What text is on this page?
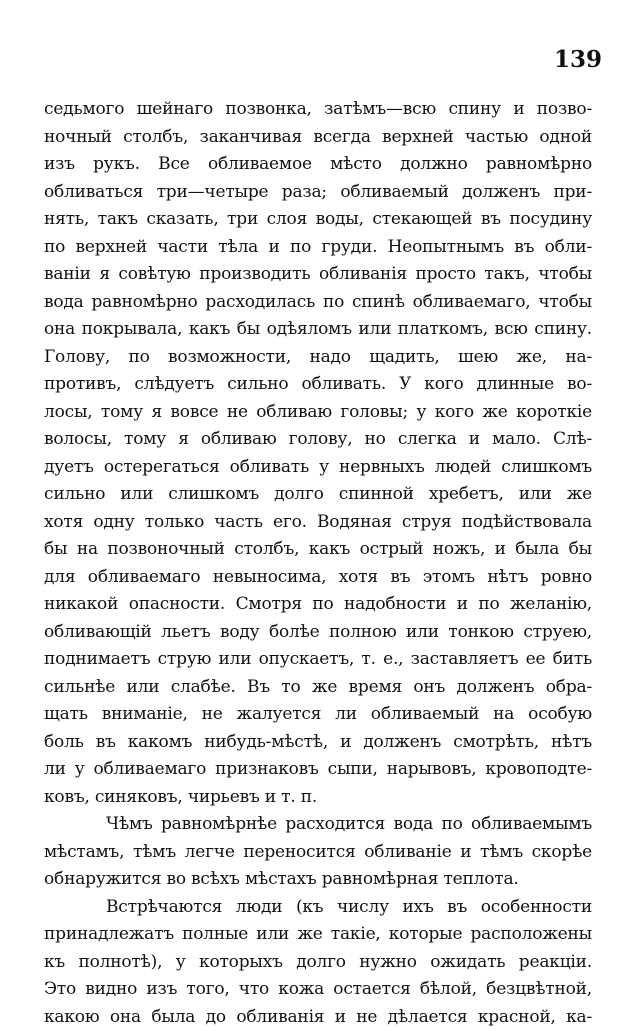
139
седьмого шейнаго позвонка, затѣмъ—всю спину и позво-
ночный столбъ, заканчивая всегда верхней частью одной
изъ рукъ. Все обливаемое мѣсто должно равномѣрно
обливаться три—четыре раза; обливаемый долженъ при-
нять, такъ сказать, три слоя воды, стекающей въ посудину
по верхней части тѣла и по груди. Неопытнымъ въ обли-
ваніи я совѣтую производить обливанія просто такъ, чтобы
вода равномѣрно расходилась по спинѣ обливаемаго, чтобы
она покрывала, какъ бы одѣяломъ или платкомъ, всю спину.
Голову, по возможности, надо щадить, шею же, на-
противъ, слѣдуетъ сильно обливать. У кого длинные во-
лосы, тому я вовсе не обливаю головы; у кого же короткіе
волосы, тому я обливаю голову, но слегка и мало. Слѣ-
дуетъ остерегаться обливать у нервныхъ людей слишкомъ
сильно или слишкомъ долго спинной хребетъ, или же
хотя одну только часть его. Водяная струя подѣйствовала
бы на позвоночный столбъ, какъ острый ножъ, и была бы
для обливаемаго невыносима, хотя въ этомъ нѣтъ ровно
никакой опасности. Смотря по надобности и по желанію,
обливающій льетъ воду болѣе полною или тонкою струею,
поднимаетъ струю или опускаетъ, т. е., заставляетъ ее бить
сильнѣе или слабѣе. Въ то же время онъ долженъ обра-
щать вниманіе, не жалуется ли обливаемый на особую
боль въ какомъ нибудь-мѣстѣ, и долженъ смотрѣть, нѣтъ
ли у обливаемаго признаковъ сыпи, нарывовъ, кровоподте-
ковъ, синяковъ, чирьевъ и т. п.
Чѣмъ равномѣрнѣе расходится вода по обливаемымъ
мѣстамъ, тѣмъ легче переносится обливаніе и тѣмъ скорѣе
обнаружится во всѣхъ мѣстахъ равномѣрная теплота.
Встрѣчаются люди (къ числу ихъ въ особенности
принадлежатъ полные или же такіе, которые расположены
къ полнотѣ), у которыхъ долго нужно ожидать реакціи.
Это видно изъ того, что кожа остается бѣлой, безцвѣтной,
какою она была до обливанія и не дѣлается красной, ка-
